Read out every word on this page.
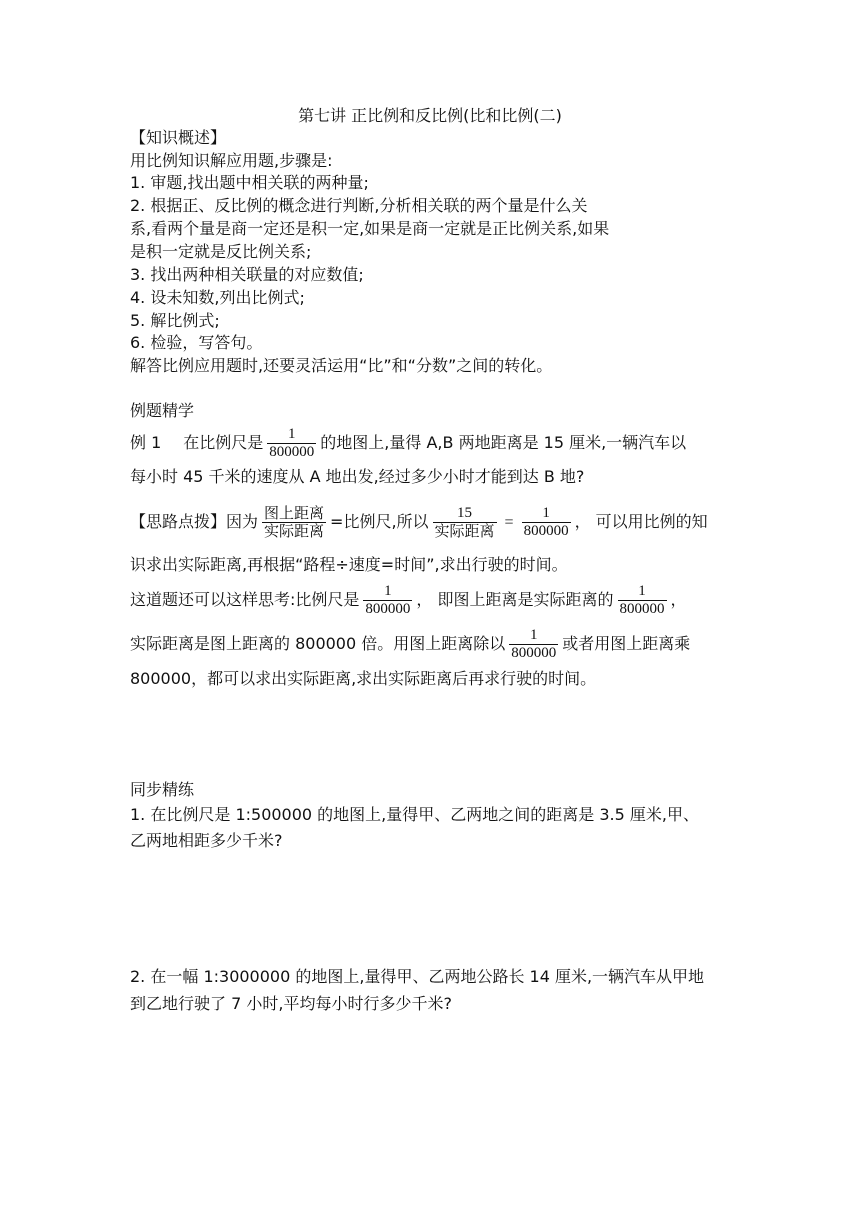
第七讲 正比例和反比例(比和比例(二)
【知识概述】
用比例知识解应用题,步骤是:
1. 审题,找出题中相关联的两种量;
2. 根据正、反比例的概念进行判断,分析相关联的两个量是什么关
系,看两个量是商一定还是积一定,如果是商一定就是正比例关系,如果
是积一定就是反比例关系;
3. 找出两种相关联量的对应数值;
4. 设未知数,列出比例式;
5. 解比例式;
6. 检验，写答句。
解答比例应用题时,还要灵活运用“比”和“分数”之间的转化。
例题精学
例 1 在比例尺是 $\frac{1}{800000}$ 的地图上,量得 A,B 两地距离是 15 厘米,一辆汽车以
每小时 45 千米的速度从 A 地出发,经过多少小时才能到达 B 地?
【思路点拨】因为 $\frac{\text{图上距离}}{\text{实际距离}}$ =比例尺,所以 $\frac{15}{\text{实际距离}} = \frac{1}{800000}$ ， 可以用比例的知
识求出实际距离,再根据“路程÷速度=时间”,求出行驶的时间。
这道题还可以这样思考:比例尺是 $\frac{1}{800000}$ ， 即图上距离是实际距离的 $\frac{1}{800000}$ ，
实际距离是图上距离的 800000 倍。用图上距离除以 $\frac{1}{800000}$ 或者用图上距离乘
800000，都可以求出实际距离,求出实际距离后再求行驶的时间。
同步精练
1. 在比例尺是 1:500000 的地图上,量得甲、乙两地之间的距离是 3.5 厘米,甲、
乙两地相距多少千米?
2. 在一幅 1:3000000 的地图上,量得甲、乙两地公路长 14 厘米,一辆汽车从甲地
到乙地行驶了 7 小时,平均每小时行多少千米?
